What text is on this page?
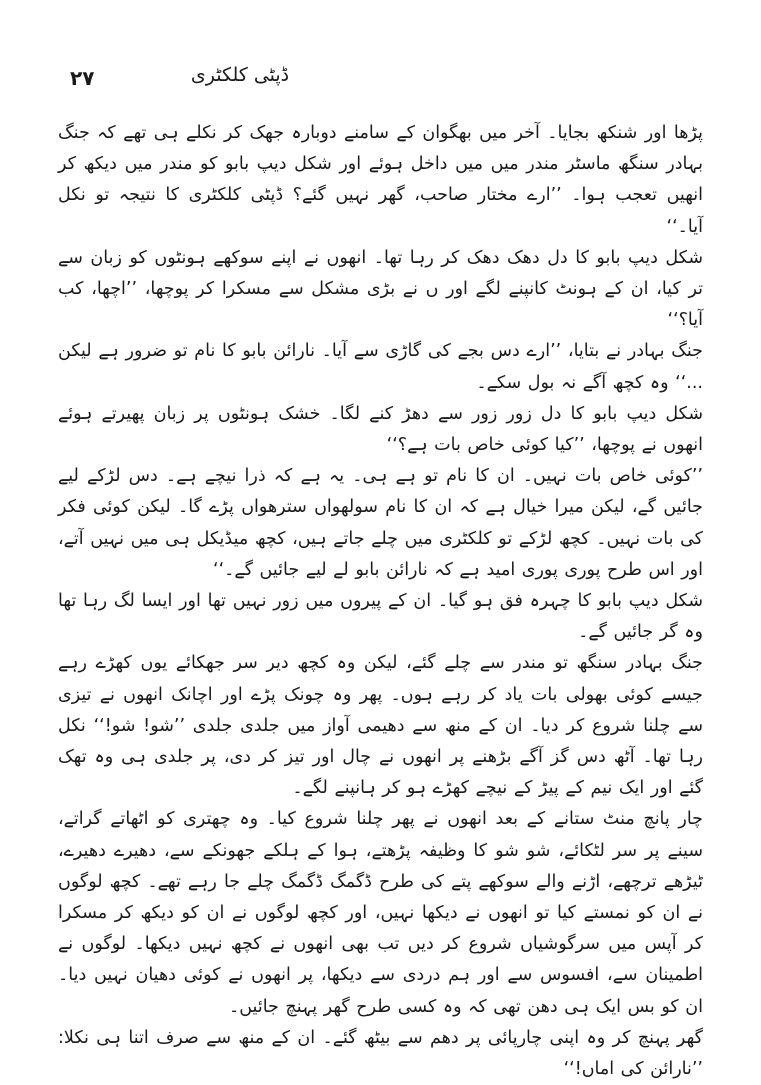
۲۷	ڈپٹی کلکٹری

پڑھا اور شنکھ بجایا۔ آخر میں بھگوان کے سامنے دوبارہ جھک کر نکلے ہی تھے کہ جنگ بہادر سنگھ ماسٹر مندر میں میں داخل ہوئے اور شکل دیپ بابو کو مندر میں دیکھ کر انھیں تعجب ہوا۔ ’’ارے مختار صاحب، گھر نہیں گئے؟ ڈپٹی کلکٹری کا نتیجہ تو نکل آیا۔‘‘

شکل دیپ بابو کا دل دھک دھک کر رہا تھا۔ انھوں نے اپنے سوکھے ہونٹوں کو زبان سے تر کیا، ان کے ہونٹ کانپنے لگے اور ں نے بڑی مشکل سے مسکرا کر پوچھا، ’’اچھا، کب آیا؟‘‘

جنگ بہادر نے بتایا، ’’ارے دس بجے کی گاڑی سے آیا۔ نارائن بابو کا نام تو ضرور ہے لیکن ...‘‘ وہ کچھ آگے نہ بول سکے۔

شکل دیپ بابو کا دل زور زور سے دھڑ کنے لگا۔ خشک ہونٹوں پر زبان پھیرتے ہوئے انھوں نے پوچھا، ’’کیا کوئی خاص بات ہے؟‘‘

’’کوئی خاص بات نہیں۔ ان کا نام تو ہے ہی۔ یہ ہے کہ ذرا نیچے ہے۔ دس لڑکے لیے جائیں گے، لیکن میرا خیال ہے کہ ان کا نام سولھواں سترھواں پڑے گا۔ لیکن کوئی فکر کی بات نہیں۔ کچھ لڑکے تو کلکٹری میں چلے جاتے ہیں، کچھ میڈیکل ہی میں نہیں آتے، اور اس طرح پوری پوری امید ہے کہ نارائن بابو لے لیے جائیں گے۔‘‘

شکل دیپ بابو کا چہرہ فق ہو گیا۔ ان کے پیروں میں زور نہیں تھا اور ایسا لگ رہا تھا وہ گر جائیں گے۔

جنگ بہادر سنگھ تو مندر سے چلے گئے، لیکن وہ کچھ دیر سر جھکائے یوں کھڑے رہے جیسے کوئی بھولی بات یاد کر رہے ہوں۔ پھر وہ چونک پڑے اور اچانک انھوں نے تیزی سے چلنا شروع کر دیا۔ ان کے منھ سے دھیمی آواز میں جلدی جلدی ’’شو! شو!‘‘ نکل رہا تھا۔ آٹھ دس گز آگے بڑھنے پر انھوں نے چال اور تیز کر دی، پر جلدی ہی وہ تھک گئے اور ایک نیم کے پیڑ کے نیچے کھڑے ہو کر ہانپنے لگے۔

چار پانچ منٹ ستانے کے بعد انھوں نے پھر چلنا شروع کیا۔ وہ چھتری کو اٹھاتے گراتے، سینے پر سر لٹکائے، شو شو کا وظیفہ پڑھتے، ہوا کے ہلکے جھونکے سے، دھیرے دھیرے، ٹیڑھے ترچھے، اڑنے والے سوکھے پتے کی طرح ڈگمگ ڈگمگ چلے جا رہے تھے۔ کچھ لوگوں نے ان کو نمستے کیا تو انھوں نے دیکھا نہیں، اور کچھ لوگوں نے ان کو دیکھ کر مسکرا کر آپس میں سرگوشیاں شروع کر دیں تب بھی انھوں نے کچھ نہیں دیکھا۔ لوگوں نے اطمینان سے، افسوس سے اور ہم دردی سے دیکھا، پر انھوں نے کوئی دھیان نہیں دیا۔ ان کو بس ایک ہی دھن تھی کہ وہ کسی طرح گھر پہنچ جائیں۔

گھر پہنچ کر وہ اپنی چارپائی پر دھم سے بیٹھ گئے۔ ان کے منھ سے صرف اتنا ہی نکلا: ’’نارائن کی اماں!‘‘
